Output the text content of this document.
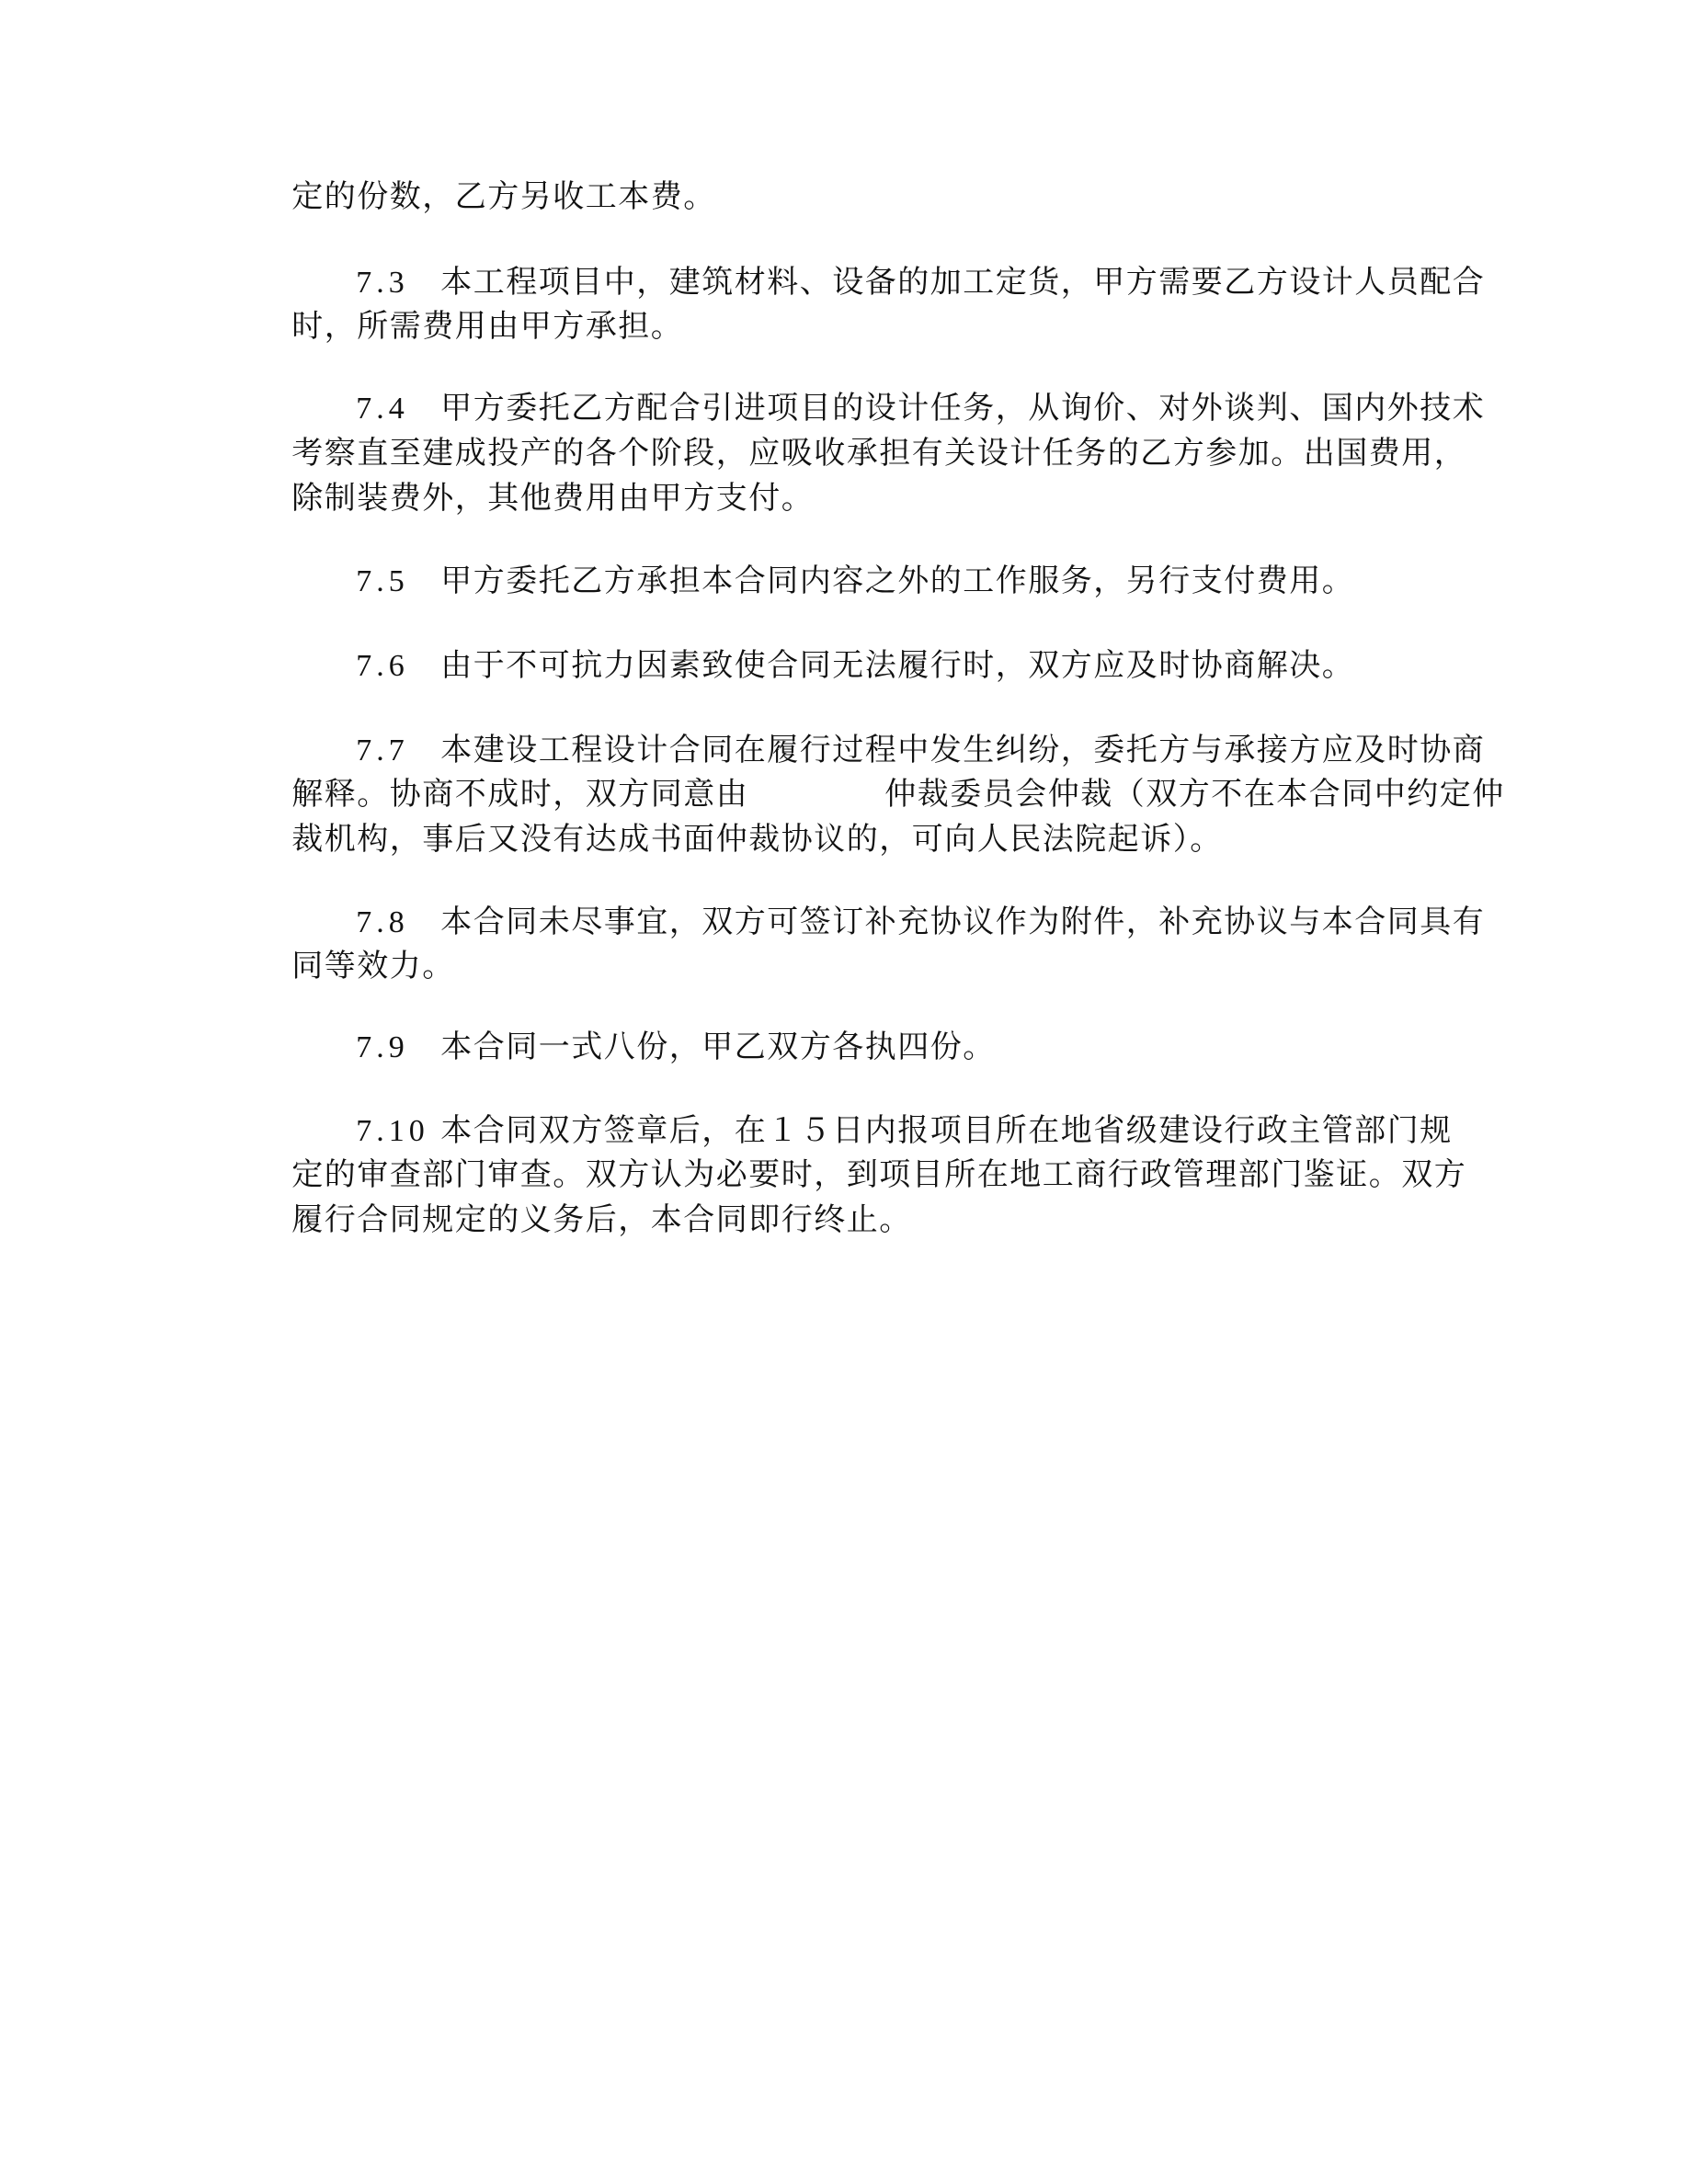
定的份数，乙方另收工本费。

7.3 本工程项目中，建筑材料、设备的加工定货，甲方需要乙方设计人员配合

时，所需费用由甲方承担。

7.4 甲方委托乙方配合引进项目的设计任务，从询价、对外谈判、国内外技术

考察直至建成投产的各个阶段，应吸收承担有关设计任务的乙方参加。出国费用，

除制装费外，其他费用由甲方支付。

7.5 甲方委托乙方承担本合同内容之外的工作服务，另行支付费用。

7.6 由于不可抗力因素致使合同无法履行时，双方应及时协商解决。

7.7 本建设工程设计合同在履行过程中发生纠纷，委托方与承接方应及时协商

解释。协商不成时，双方同意由	仲裁委员会仲裁（双方不在本合同中约定仲

裁机构，事后又没有达成书面仲裁协议的，可向人民法院起诉）。

7.8 本合同未尽事宜，双方可签订补充协议作为附件，补充协议与本合同具有

同等效力。

7.9 本合同一式八份，甲乙双方各执四份。

7.10 本合同双方签章后，在１５日内报项目所在地省级建设行政主管部门规

定的审查部门审查。双方认为必要时，到项目所在地工商行政管理部门鉴证。双方

履行合同规定的义务后，本合同即行终止。
